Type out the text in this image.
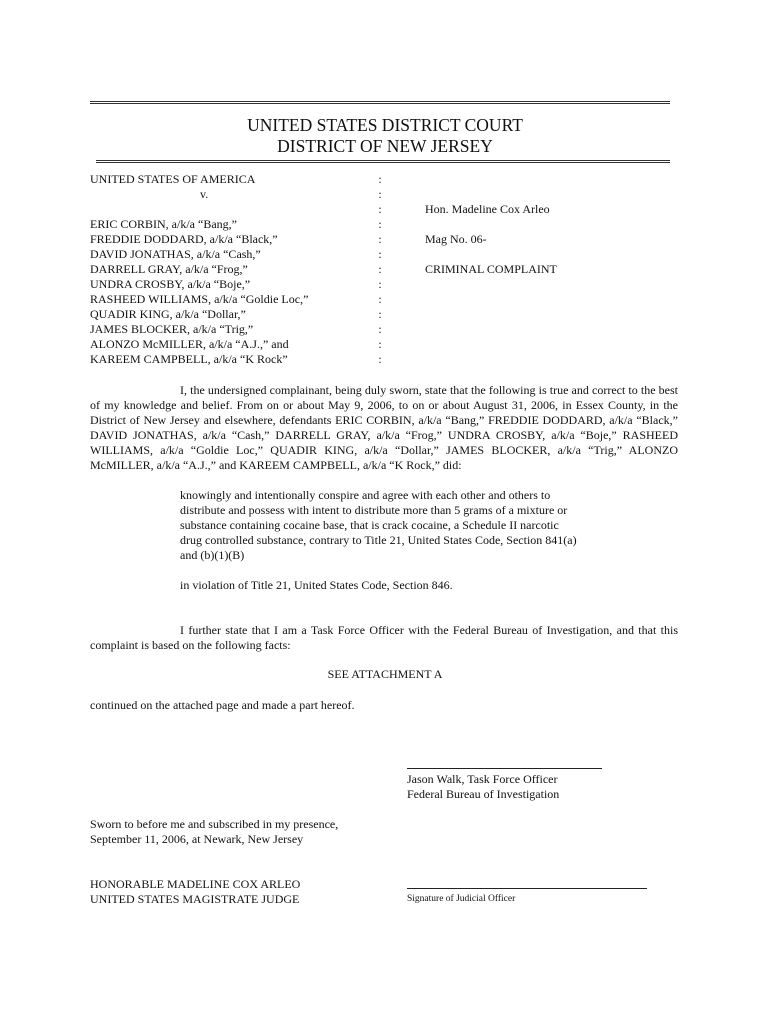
UNITED STATES DISTRICT COURT
DISTRICT OF NEW JERSEY
UNITED STATES OF AMERICA
v.
ERIC CORBIN, a/k/a “Bang,”
FREDDIE DODDARD, a/k/a “Black,”
DAVID JONATHAS, a/k/a “Cash,”
DARRELL GRAY, a/k/a “Frog,”
UNDRA CROSBY, a/k/a “Boje,”
RASHEED WILLIAMS, a/k/a “Goldie Loc,”
QUADIR KING, a/k/a “Dollar,”
JAMES BLOCKER, a/k/a “Trig,”
ALONZO McMILLER, a/k/a “A.J.,” and
KAREEM CAMPBELL, a/k/a “K Rock”
:
:
:
:
:
:
:
:
:
:
:
:
:
Hon. Madeline Cox Arleo
Mag No. 06-
CRIMINAL COMPLAINT
I, the undersigned complainant, being duly sworn, state that the following is true and correct to the best of my knowledge and belief. From on or about May 9, 2006, to on or about August 31, 2006, in Essex County, in the District of New Jersey and elsewhere, defendants ERIC CORBIN, a/k/a “Bang,” FREDDIE DODDARD, a/k/a “Black,” DAVID JONATHAS, a/k/a “Cash,” DARRELL GRAY, a/k/a “Frog,” UNDRA CROSBY, a/k/a “Boje,” RASHEED WILLIAMS, a/k/a “Goldie Loc,” QUADIR KING, a/k/a “Dollar,” JAMES BLOCKER, a/k/a “Trig,” ALONZO McMILLER, a/k/a “A.J.,” and KAREEM CAMPBELL, a/k/a “K Rock,” did:
knowingly and intentionally conspire and agree with each other and others to distribute and possess with intent to distribute more than 5 grams of a mixture or substance containing cocaine base, that is crack cocaine, a Schedule II narcotic drug controlled substance, contrary to Title 21, United States Code, Section 841(a) and (b)(1)(B)
in violation of Title 21, United States Code, Section 846.
I further state that I am a Task Force Officer with the Federal Bureau of Investigation, and that this complaint is based on the following facts:
SEE ATTACHMENT A
continued on the attached page and made a part hereof.
Jason Walk, Task Force Officer
Federal Bureau of Investigation
Sworn to before me and subscribed in my presence,
September 11, 2006, at Newark, New Jersey
HONORABLE MADELINE COX ARLEO
UNITED STATES MAGISTRATE JUDGE	Signature of Judicial Officer
